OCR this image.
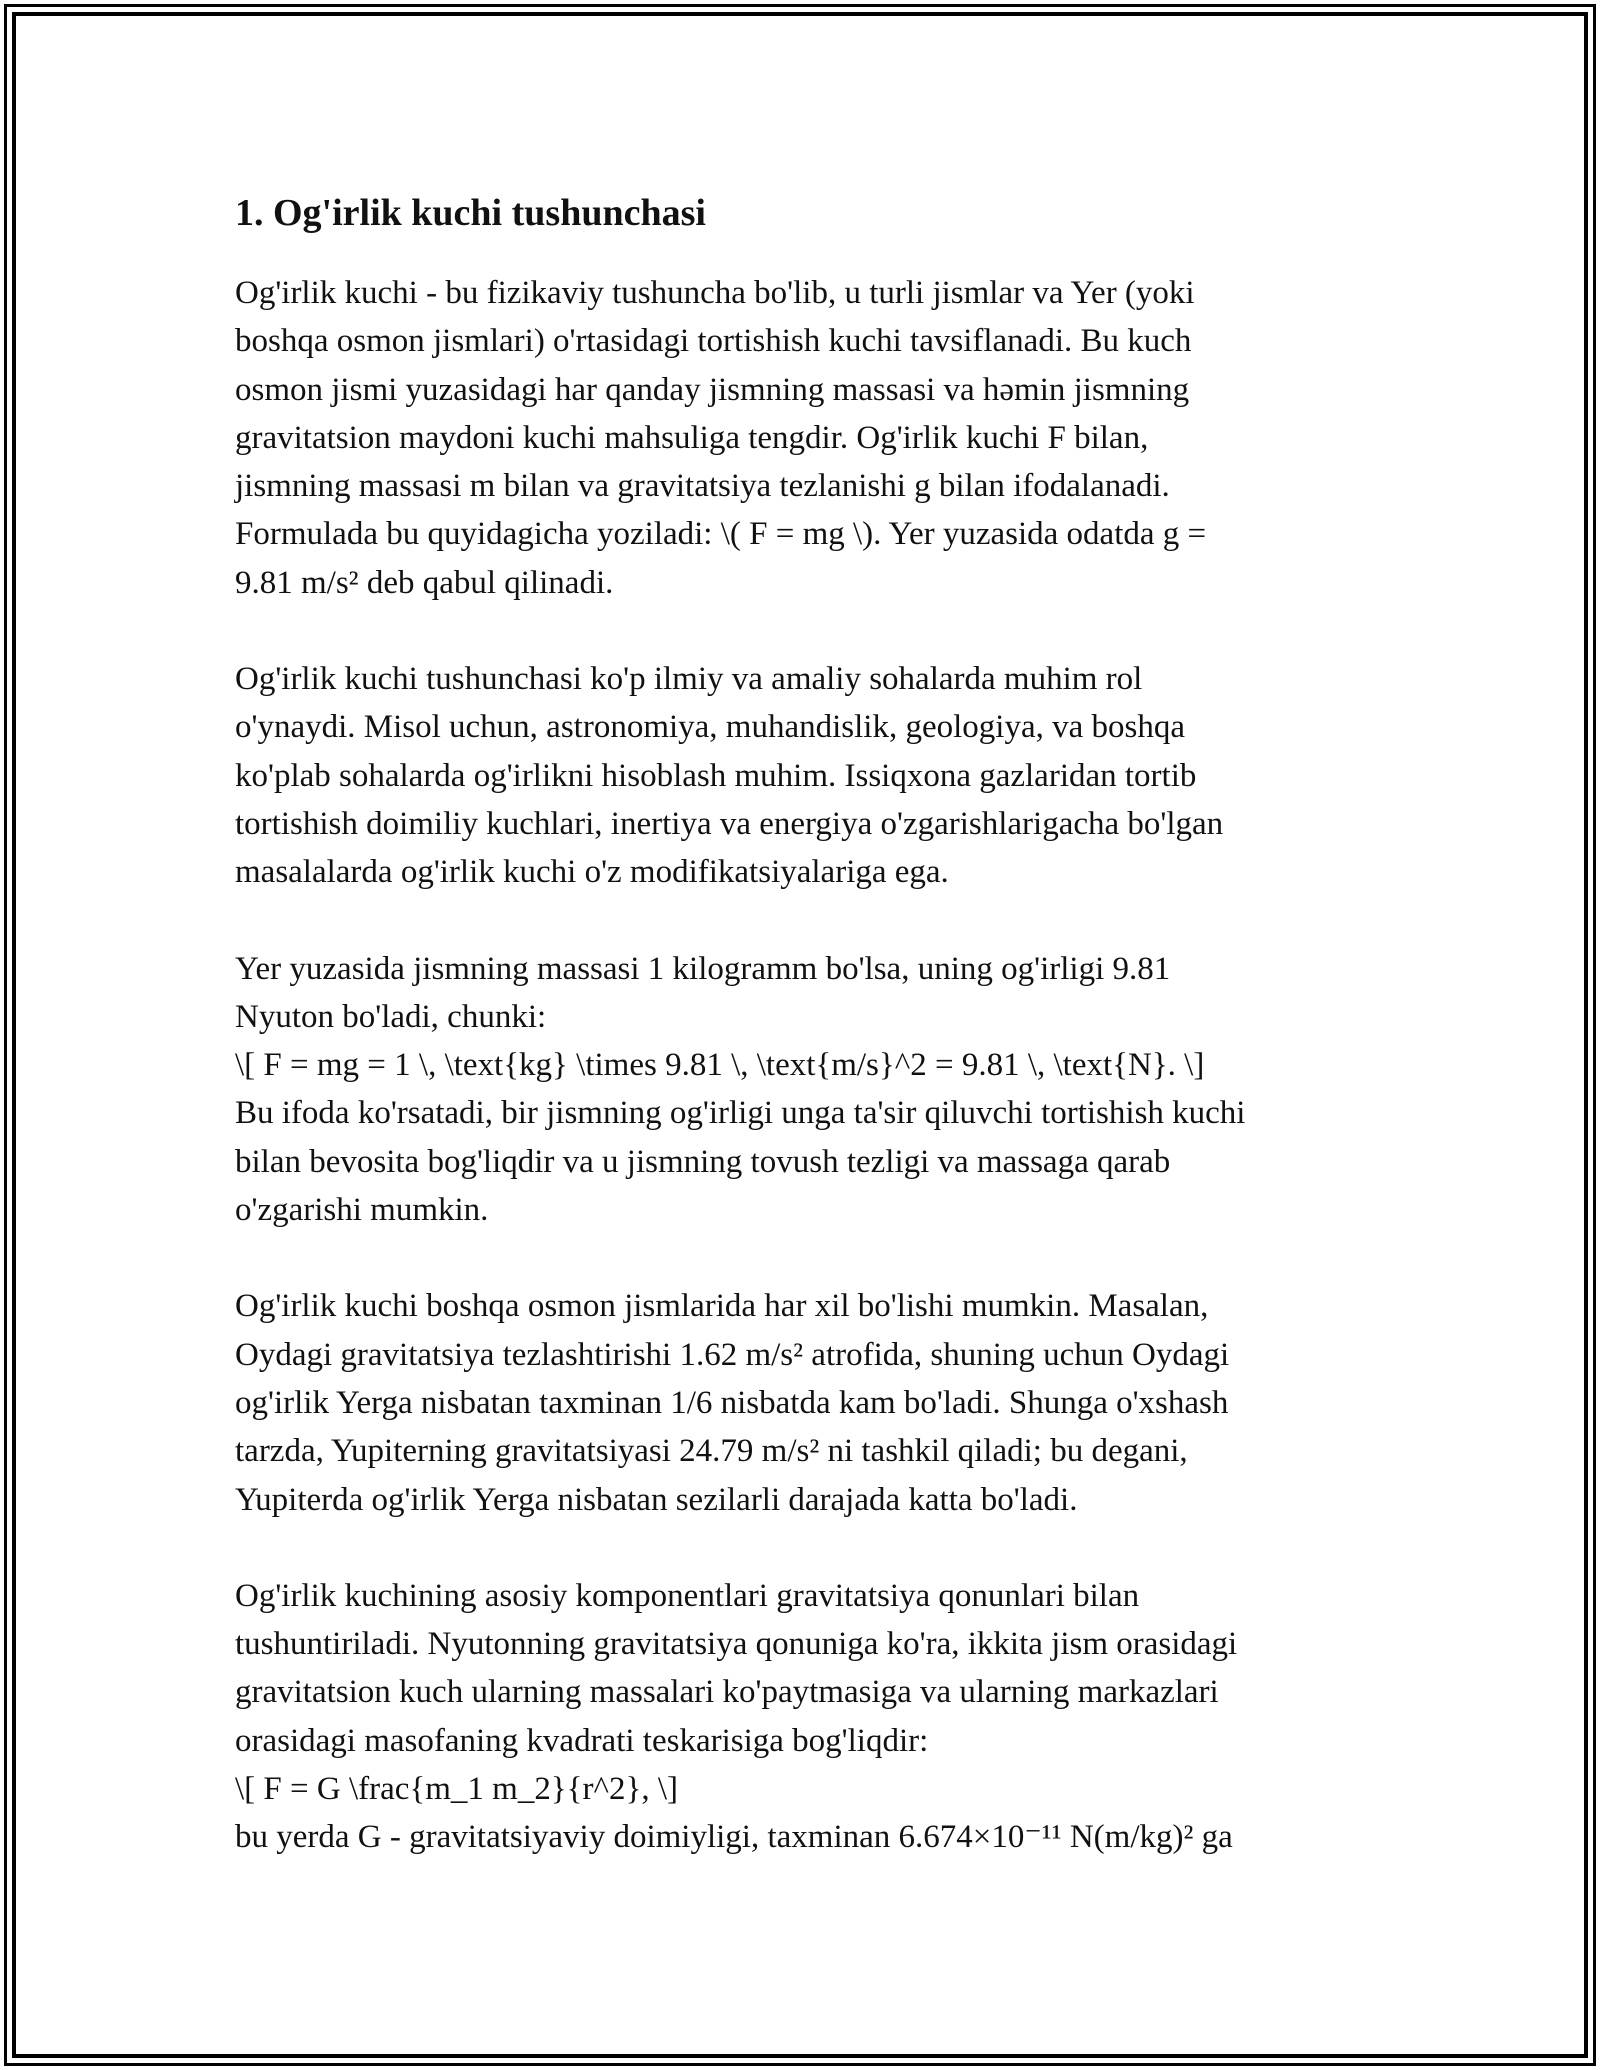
1. Og'irlik kuchi tushunchasi

Og'irlik kuchi - bu fizikaviy tushuncha bo'lib, u turli jismlar va Yer (yoki
boshqa osmon jismlari) o'rtasidagi tortishish kuchi tavsiflanadi. Bu kuch
osmon jismi yuzasidagi har qanday jismning massasi va həmin jismning
gravitatsion maydoni kuchi mahsuliga tengdir. Og'irlik kuchi F bilan,
jismning massasi m bilan va gravitatsiya tezlanishi g bilan ifodalanadi.
Formulada bu quyidagicha yoziladi: \( F = mg \). Yer yuzasida odatda g =
9.81 m/s² deb qabul qilinadi.

Og'irlik kuchi tushunchasi ko'p ilmiy va amaliy sohalarda muhim rol
o'ynaydi. Misol uchun, astronomiya, muhandislik, geologiya, va boshqa
ko'plab sohalarda og'irlikni hisoblash muhim. Issiqxona gazlaridan tortib
tortishish doimiliy kuchlari, inertiya va energiya o'zgarishlarigacha bo'lgan
masalalarda og'irlik kuchi o'z modifikatsiyalariga ega.

Yer yuzasida jismning massasi 1 kilogramm bo'lsa, uning og'irligi 9.81
Nyuton bo'ladi, chunki:
\[ F = mg = 1 \, \text{kg} \times 9.81 \, \text{m/s}^2 = 9.81 \, \text{N}. \]
Bu ifoda ko'rsatadi, bir jismning og'irligi unga ta'sir qiluvchi tortishish kuchi
bilan bevosita bog'liqdir va u jismning tovush tezligi va massaga qarab
o'zgarishi mumkin.

Og'irlik kuchi boshqa osmon jismlarida har xil bo'lishi mumkin. Masalan,
Oydagi gravitatsiya tezlashtirishi 1.62 m/s² atrofida, shuning uchun Oydagi
og'irlik Yerga nisbatan taxminan 1/6 nisbatda kam bo'ladi. Shunga o'xshash
tarzda, Yupiterning gravitatsiyasi 24.79 m/s² ni tashkil qiladi; bu degani,
Yupiterda og'irlik Yerga nisbatan sezilarli darajada katta bo'ladi.

Og'irlik kuchining asosiy komponentlari gravitatsiya qonunlari bilan
tushuntiriladi. Nyutonning gravitatsiya qonuniga ko'ra, ikkita jism orasidagi
gravitatsion kuch ularning massalari ko'paytmasiga va ularning markazlari
orasidagi masofaning kvadrati teskarisiga bog'liqdir:
\[ F = G \frac{m_1 m_2}{r^2}, \]
bu yerda G - gravitatsiyaviy doimiyligi, taxminan 6.674×10⁻¹¹ N(m/kg)² ga
